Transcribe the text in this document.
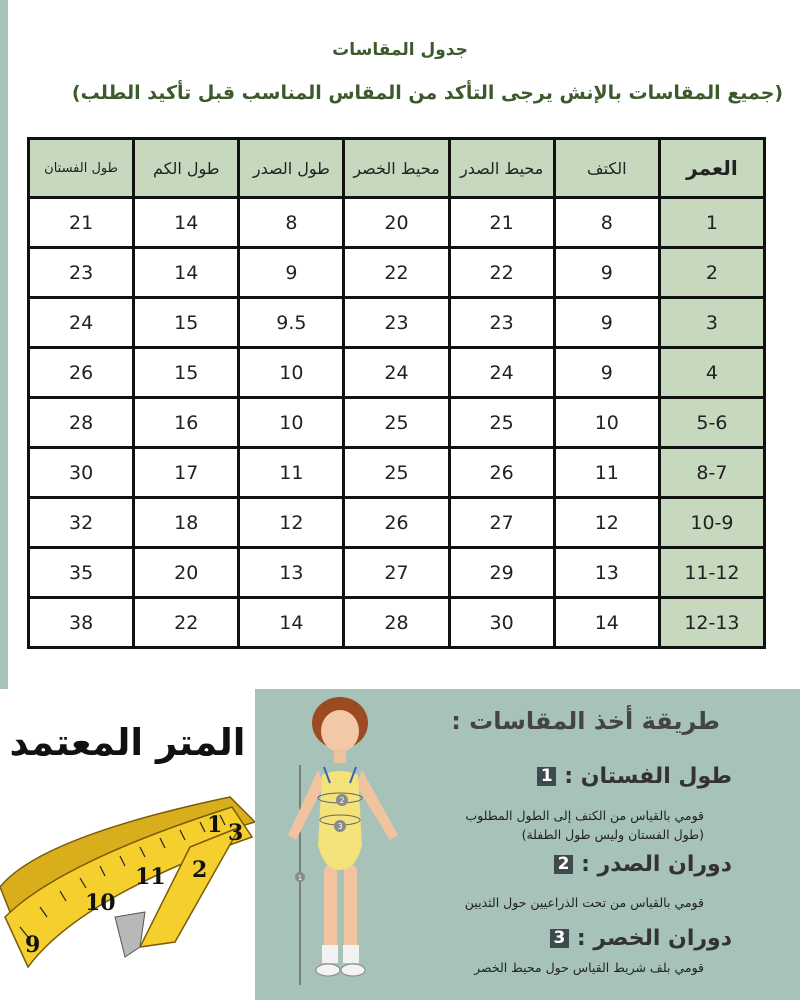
جدول المقاسات
(جميع المقاسات بالإنش يرجى التأكد من المقاس المناسب قبل تأكيد الطلب)
العمر	الكتف	محيط الصدر	محيط الخصر	طول الصدر	طول الكم	طول الفستان
1	8	21	20	8	14	21
2	9	22	22	9	14	23
3	9	23	23	9.5	15	24
4	9	24	24	10	15	26
5-6	10	25	25	10	16	28
8-7	11	26	25	11	17	30
10-9	12	27	26	12	18	32
11-12	13	29	27	13	20	35
12-13	14	30	28	14	22	38
المتر المعتمد
9
10
11
1
2
3
2
3
1
طريقة أخذ المقاسات :
1 طول الفستان :
قومي بالقياس من الكتف إلى الطول المطلوب
(طول الفستان وليس طول الطفلة)
2 دوران الصدر :
قومي بالقياس من تحت الذراعيين حول الثديين
3 دوران الخصر :
قومي بلف شريط القياس حول محيط الخصر
